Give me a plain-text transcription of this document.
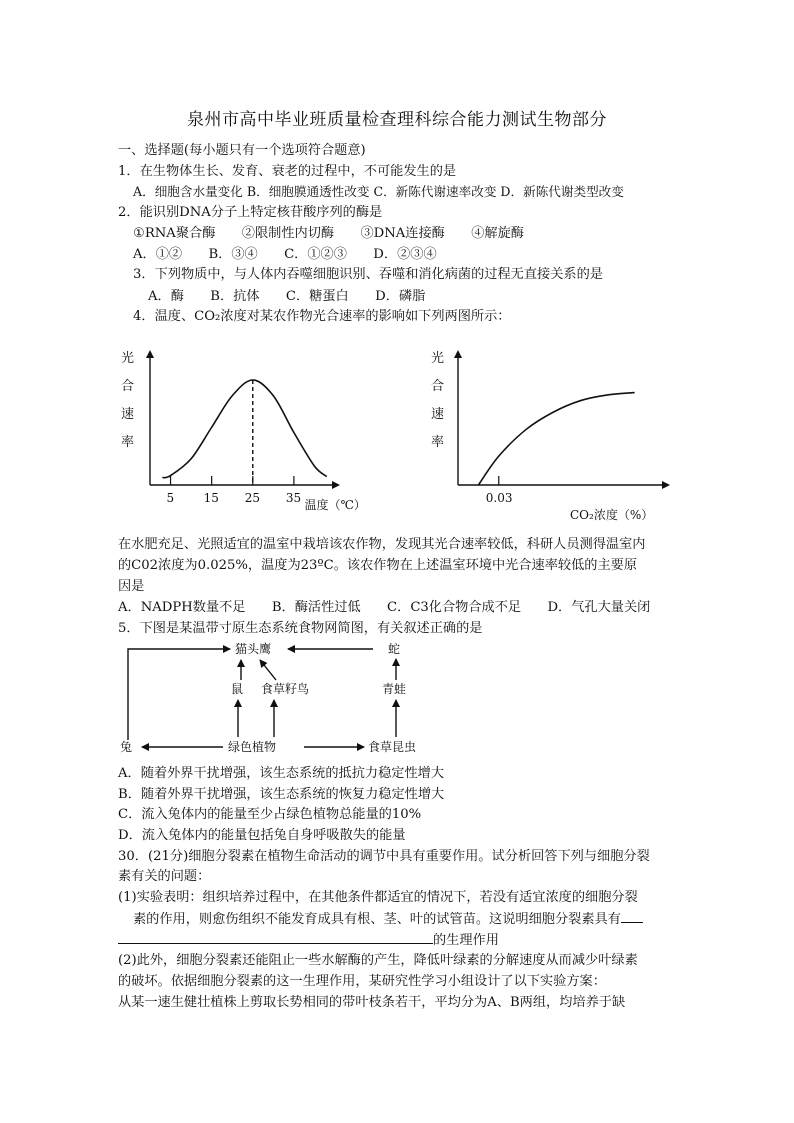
泉州市高中毕业班质量检查理科综合能力测试生物部分
一、选择题(每小题只有一个选项符合题意)
1．在生物体生长、发育、衰老的过程中，不可能发生的是
A．细胞含水量变化 B．细胞膜通透性改变 C．新陈代谢速率改变 D．新陈代谢类型改变
2．能识别DNA分子上特定核苷酸序列的酶是
①RNA聚合酶　　②限制性内切酶　　③DNA连接酶　　④解旋酶
A．①②　　B．③④　　C．①②③　　D．②③④
3．下列物质中，与人体内吞噬细胞识别、吞噬和消化病菌的过程无直接关系的是
A．酶　　B．抗体　　C．糖蛋白　　D．磷脂
4．温度、CO₂浓度对某农作物光合速率的影响如下列两图所示：
光
合
速
率
5 15 25 35 温度（℃）
光
合
速
率
0.03
CO₂浓度（%）
在水肥充足、光照适宜的温室中栽培该农作物，发现其光合速率较低，科研人员测得温室内
的C02浓度为0.025%，温度为23ºC。该农作物在上述温室环境中光合速率较低的主要原
因是
A．NADPH数量不足　　B．酶活性过低　　C．C3化合物合成不足　　D．气孔大量关闭
5．下图是某温带寸原生态系统食物网简图，有关叙述正确的是
猫头鹰	蛇
鼠 食草籽鸟	青蛙
兔	绿色植物	食草昆虫
A．随着外界干扰增强，该生态系统的抵抗力稳定性增大
B．随着外界干扰增强，该生态系统的恢复力稳定性增大
C．流入兔体内的能量至少占绿色植物总能量的10%
D．流入兔体内的能量包括兔自身呼吸散失的能量
30．(21分)细胞分裂素在植物生命活动的调节中具有重要作用。试分析回答下列与细胞分裂
素有关的问题：
(1)实验表明：组织培养过程中，在其他条件都适宜的情况下，若没有适宜浓度的细胞分裂
素的作用，则愈伤组织不能发育成具有根、茎、叶的试管苗。这说明细胞分裂素具有
的生理作用
(2)此外，细胞分裂素还能阻止一些水解酶的产生，降低叶绿素的分解速度从而减少叶绿素
的破坏。依据细胞分裂素的这一生理作用，某研究性学习小组设计了以下实验方案：
从某一速生健壮植株上剪取长势相同的带叶枝条若干，平均分为A、B两组，均培养于缺
